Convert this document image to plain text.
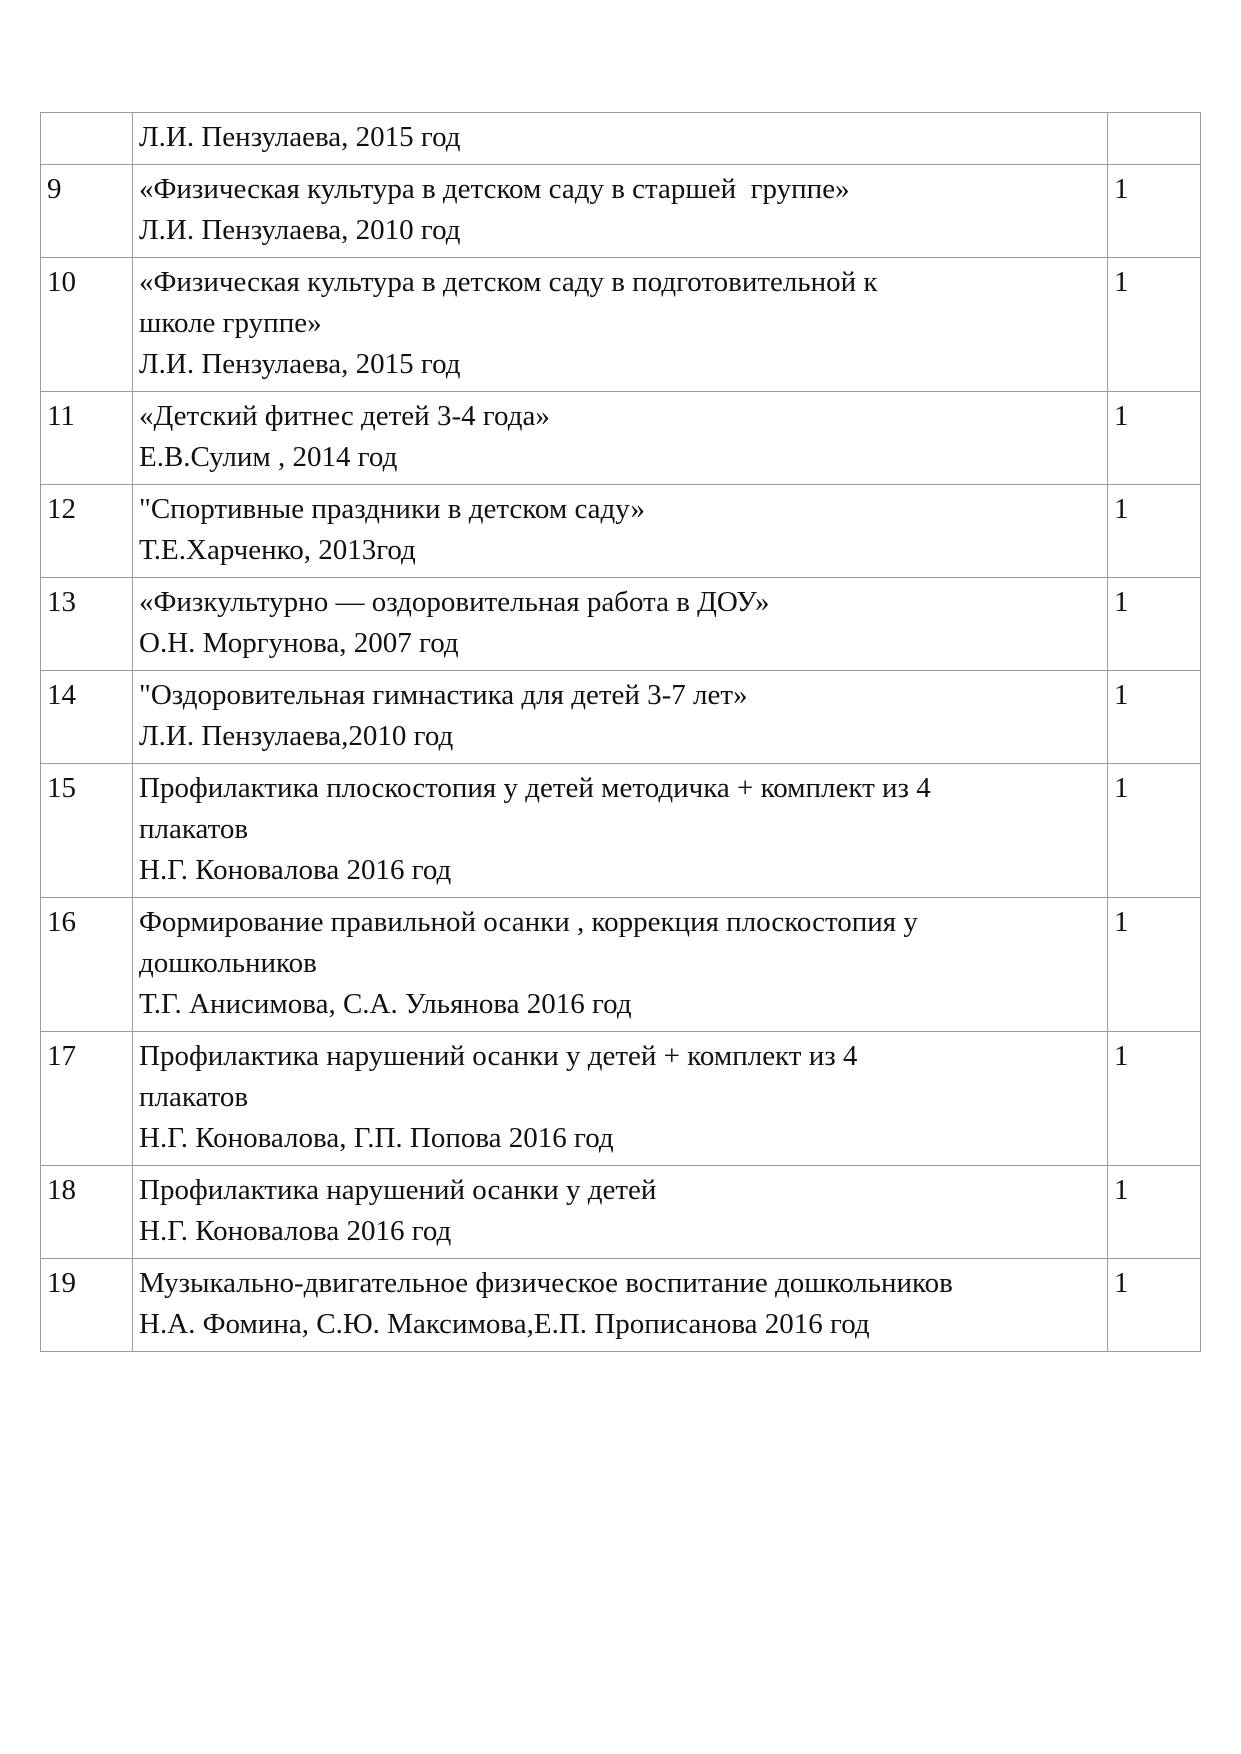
	Л.И. Пензулаева, 2015 год	

9	«Физическая культура в детском саду в старшей  группе»
Л.И. Пензулаева, 2010 год	1
10	«Физическая культура в детском саду в подготовительной к
школе группе»
Л.И. Пензулаева, 2015 год	1
11	«Детский фитнес детей 3-4 года»
Е.В.Сулим , 2014 год	1
12	"Спортивные праздники в детском саду»
Т.Е.Харченко, 2013год	1
13	«Физкультурно — оздоровительная работа в ДОУ»
О.Н. Моргунова, 2007 год	1
14	"Оздоровительная гимнастика для детей 3-7 лет»
Л.И. Пензулаева,2010 год	1
15	Профилактика плоскостопия у детей методичка + комплект из 4
плакатов
Н.Г. Коновалова 2016 год	1
16	Формирование правильной осанки , коррекция плоскостопия у
дошкольников
Т.Г. Анисимова, С.А. Ульянова 2016 год	1
17	Профилактика нарушений осанки у детей + комплект из 4
плакатов
Н.Г. Коновалова, Г.П. Попова 2016 год	1
18	Профилактика нарушений осанки у детей
Н.Г. Коновалова 2016 год	1
19	Музыкально-двигательное физическое воспитание дошкольников
Н.А. Фомина, С.Ю. Максимова,Е.П. Прописанова 2016 год	1
